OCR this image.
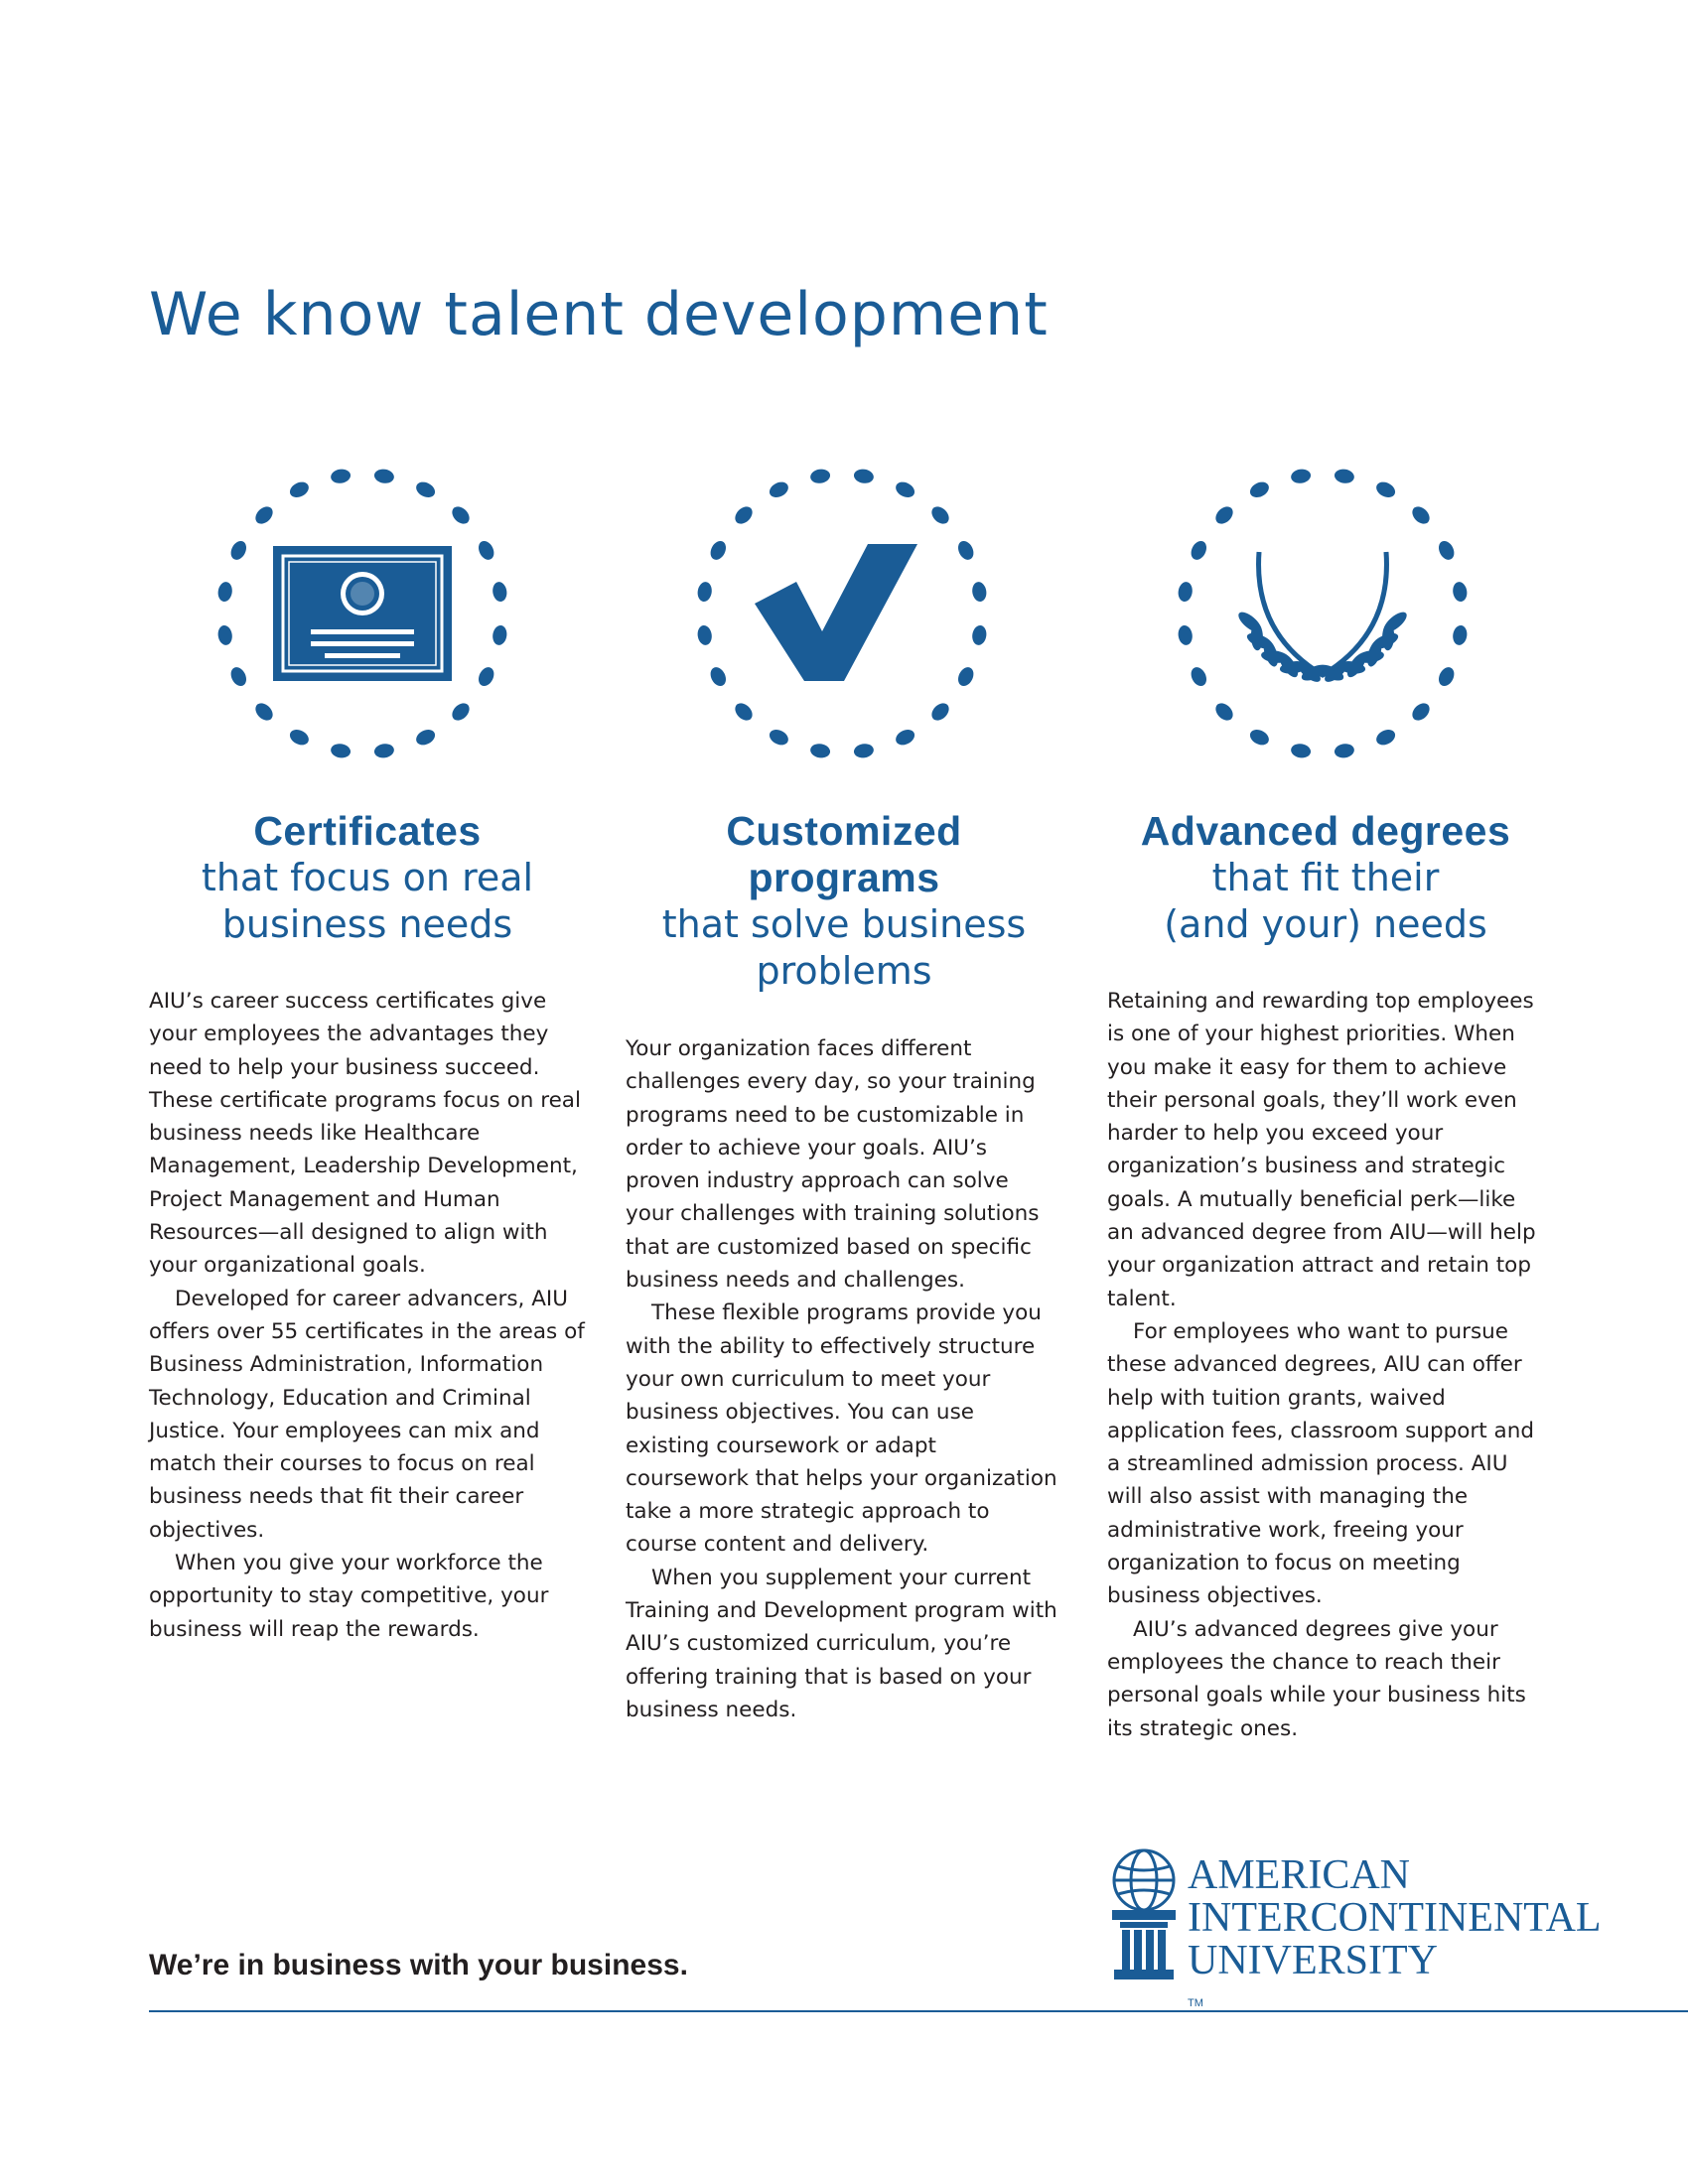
We know talent development
Certificates
that focus on real
business needs

AIU’s career success certificates give your employees the advantages they need to help your business succeed. These certificate programs focus on real business needs like Healthcare Management, Leadership Development, Project Management and Human Resources—all designed to align with your organizational goals.

Developed for career advancers, AIU offers over 55 certificates in the areas of Business Administration, Information Technology, Education and Criminal Justice. Your employees can mix and match their courses to focus on real business needs that fit their career objectives.

When you give your workforce the opportunity to stay competitive, your business will reap the rewards.

Customized
programs
that solve business
problems

Your organization faces different challenges every day, so your training programs need to be customizable in order to achieve your goals. AIU’s proven industry approach can solve your challenges with training solutions that are customized based on specific business needs and challenges.

These flexible programs provide you with the ability to effectively structure your own curriculum to meet your business objectives. You can use existing coursework or adapt coursework that helps your organization take a more strategic approach to course content and delivery.

When you supplement your current Training and Development program with AIU’s customized curriculum, you’re offering training that is based on your business needs.

Advanced degrees
that fit their
(and your) needs

Retaining and rewarding top employees is one of your highest priorities. When you make it easy for them to achieve their personal goals, they’ll work even harder to help you exceed your organization’s business and strategic goals. A mutually beneficial perk—like an advanced degree from AIU—will help your organization attract and retain top talent.

For employees who want to pursue these advanced degrees, AIU can offer help with tuition grants, waived application fees, classroom support and a streamlined admission process. AIU will also assist with managing the administrative work, freeing your organization to focus on meeting business objectives.

AIU’s advanced degrees give your employees the chance to reach their personal goals while your business hits its strategic ones.

AMERICAN
INTERCONTINENTAL
UNIVERSITY
TM

We’re in business with your business.
